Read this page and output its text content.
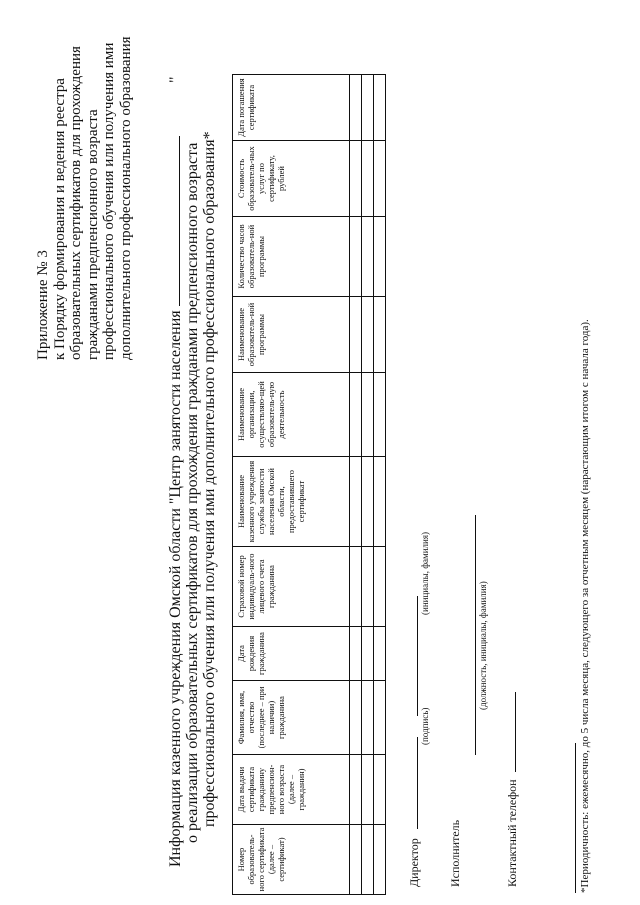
Приложение № 3 к Порядку формирования и ведения реестра образовательных сертификатов для прохождения гражданами предпенсионного возраста профессионального обучения или получения ими дополнительного профессионального образования
Информация казенного учреждения Омской области "Центр занятости населения
"
о реализации образовательных сертификатов для прохождения гражданами предпенсионного возраста профессионального обучения или получения ими дополнительного профессионального образования*
Номер образователь-ного сертификата (далее – сертификат)	Дата выдачи сертификата гражданину предпенсион-ного возраста (далее – гражданин)	Фамилия, имя, отчество (последнее – при наличии) гражданина	Дата рождения гражданина	Страховой номер индивидуаль-ного лицевого счета гражданина	Наименование казенного учреждения службы занятости населения Омской области, предоставившего сертификат	Наименование организации, осуществляю-щей образователь-ную деятельность	Наименование образователь-ной программы	Количество часов образователь-ной программы	Стоимость образователь-ных услуг по сертификату, рублей	Дата погашения сертификата

Директор
(подпись)
(инициалы, фамилия)
Исполнитель
(должность, инициалы, фамилия)
Контактный телефон	*Периодичность: ежемесячно, до 5 числа месяца, следующего за отчетным месяцем (нарастающим итогом с начала года).
